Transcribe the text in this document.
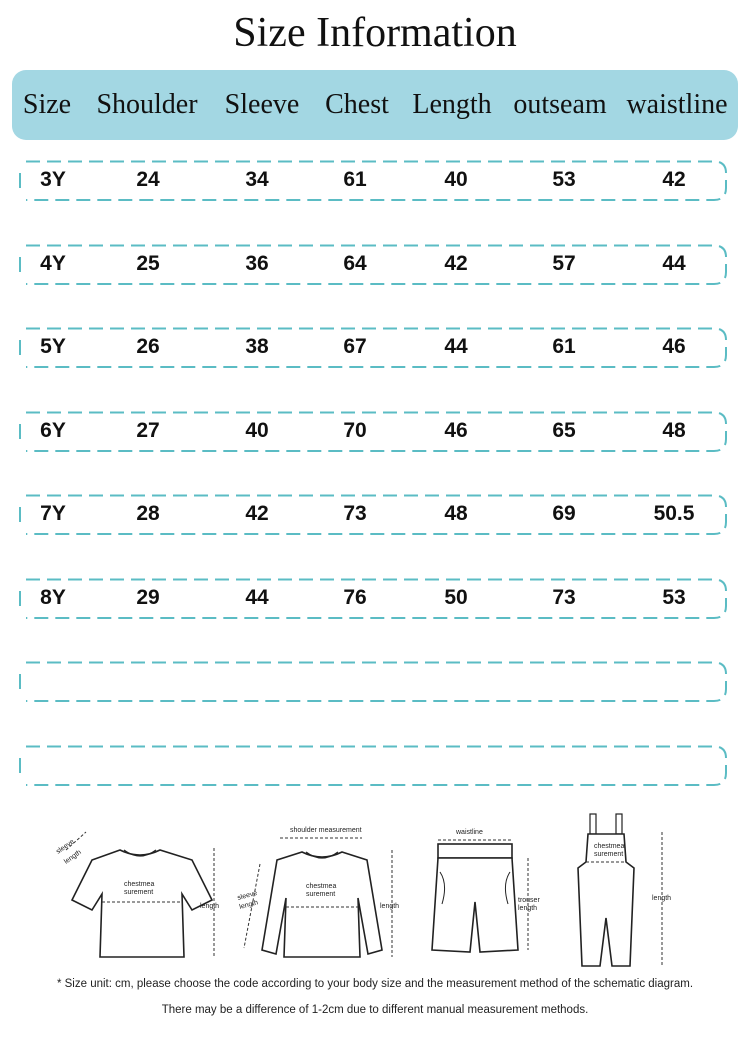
Size Information
Size Shoulder Sleeve Chest Length outseam waistline
3Y	24	34	61	40	53	42
4Y	25	36	64	42	57	44
5Y	26	38	67	44	61	46
6Y	27	40	70	46	65	48
7Y	28	42	73	48	69	50.5
8Y	29	44	76	50	73	53
chestmea
surement
length
sleeve
length
shoulder measurement
chestmea
surement
length
sleeve
length
waistline
trouser
length
chestmea
surement
length
* Size unit: cm, please choose the code according to your body size and the measurement method of the schematic diagram.
There may be a difference of 1-2cm due to different manual measurement methods.
